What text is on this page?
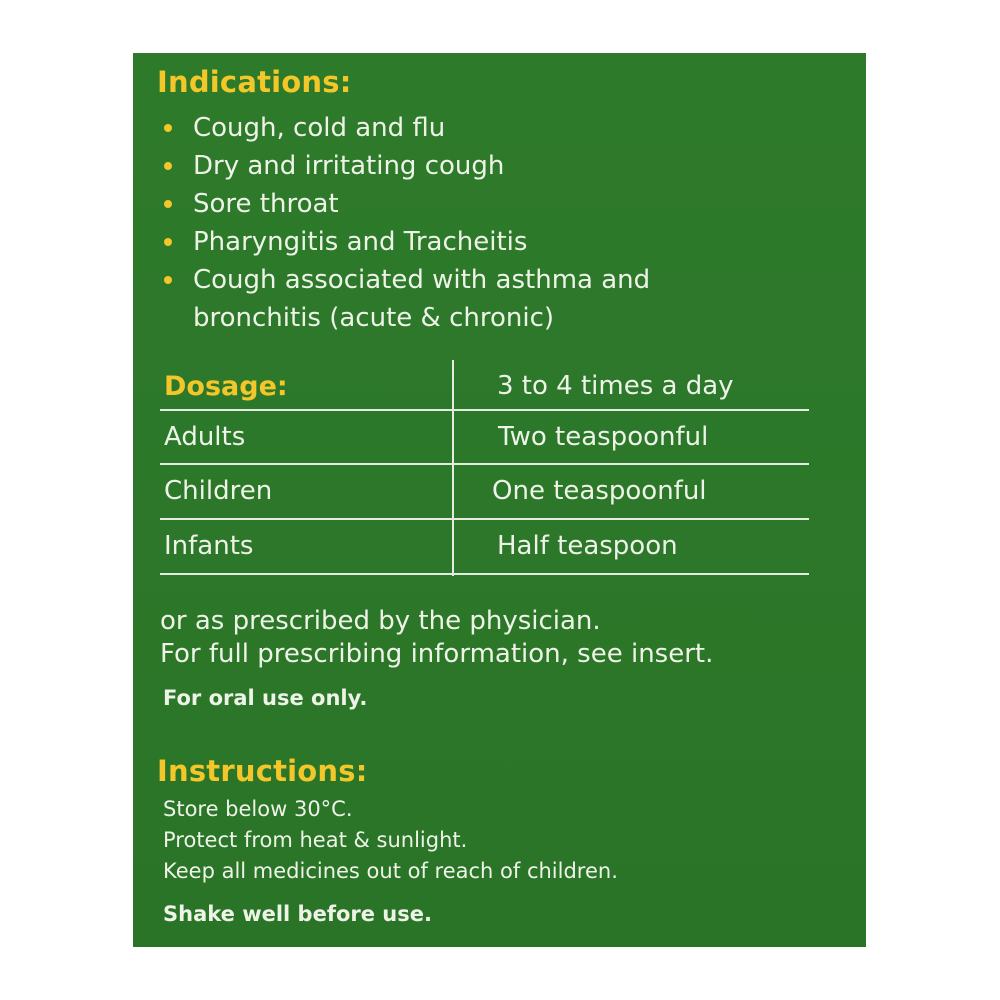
Indications:
Cough, cold and flu
Dry and irritating cough
Sore throat
Pharyngitis and Tracheitis
Cough associated with asthma and
bronchitis (acute & chronic)
Dosage:	3 to 4 times a day
Adults	Two teaspoonful
Children	One teaspoonful
Infants	Half teaspoon
or as prescribed by the physician.
For full prescribing information, see insert.
For oral use only.
Instructions:
Store below 30°C.
Protect from heat & sunlight.
Keep all medicines out of reach of children.
Shake well before use.
